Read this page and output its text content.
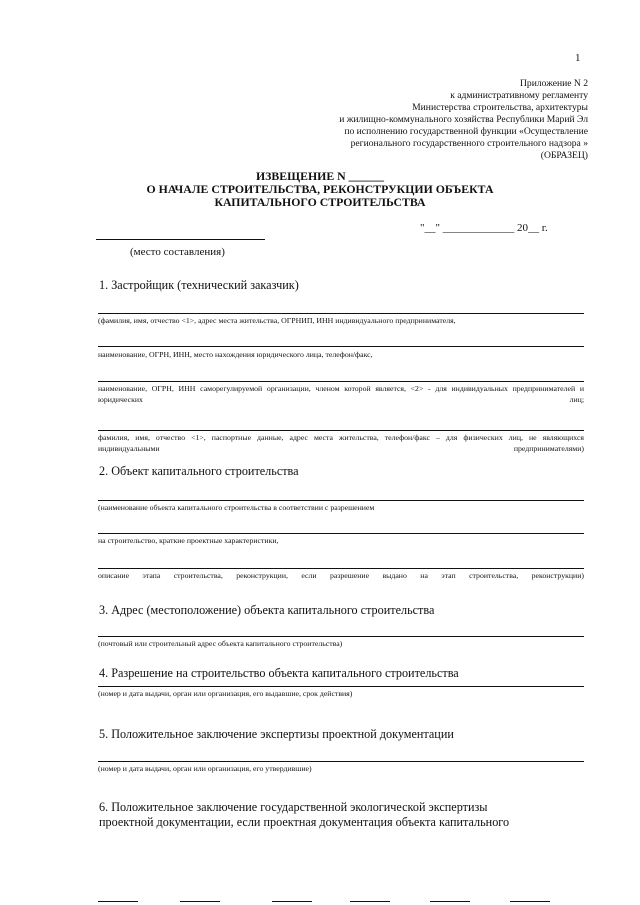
1
Приложение N 2
к административному регламенту
Министерства строительства, архитектуры
и жилищно-коммунального хозяйства Республики Марий Эл
по исполнению государственной функции «Осуществление
регионального государственного строительного надзора »
(ОБРАЗЕЦ)
ИЗВЕЩЕНИЕ N ______
О НАЧАЛЕ СТРОИТЕЛЬСТВА, РЕКОНСТРУКЦИИ ОБЪЕКТА
КАПИТАЛЬНОГО СТРОИТЕЛЬСТВА
"__" _____________ 20__ г.
(место составления)
1. Застройщик (технический заказчик)
(фамилия, имя, отчество <1>, адрес места жительства, ОГРНИП, ИНН индивидуального предпринимателя,
наименование, ОГРН, ИНН, место нахождения юридического лица, телефон/факс,
наименование, ОГРН, ИНН саморегулируемой организации, членом которой является, <2> - для индивидуальных предпринимателей и юридических лиц;
фамилия, имя, отчество <1>, паспортные данные, адрес места жительства, телефон/факс – для физических лиц, не являющихся индивидуальными предпринимателями)
2. Объект капитального строительства
(наименование объекта капитального строительства в соответствии с разрешением
на строительство, краткие проектные характеристики,
описание этапа строительства, реконструкции, если разрешение выдано на этап строительства, реконструкции)
3. Адрес (местоположение) объекта капитального строительства
(почтовый или строительный адрес объекта капитального строительства)
4. Разрешение на строительство объекта капитального строительства
(номер и дата выдачи, орган или организация, его выдавшие, срок действия)
5. Положительное заключение экспертизы проектной документации
(номер и дата выдачи, орган или организация, его утвердившие)
6. Положительное заключение государственной экологической экспертизы проектной документации, если проектная документация объекта капитального
